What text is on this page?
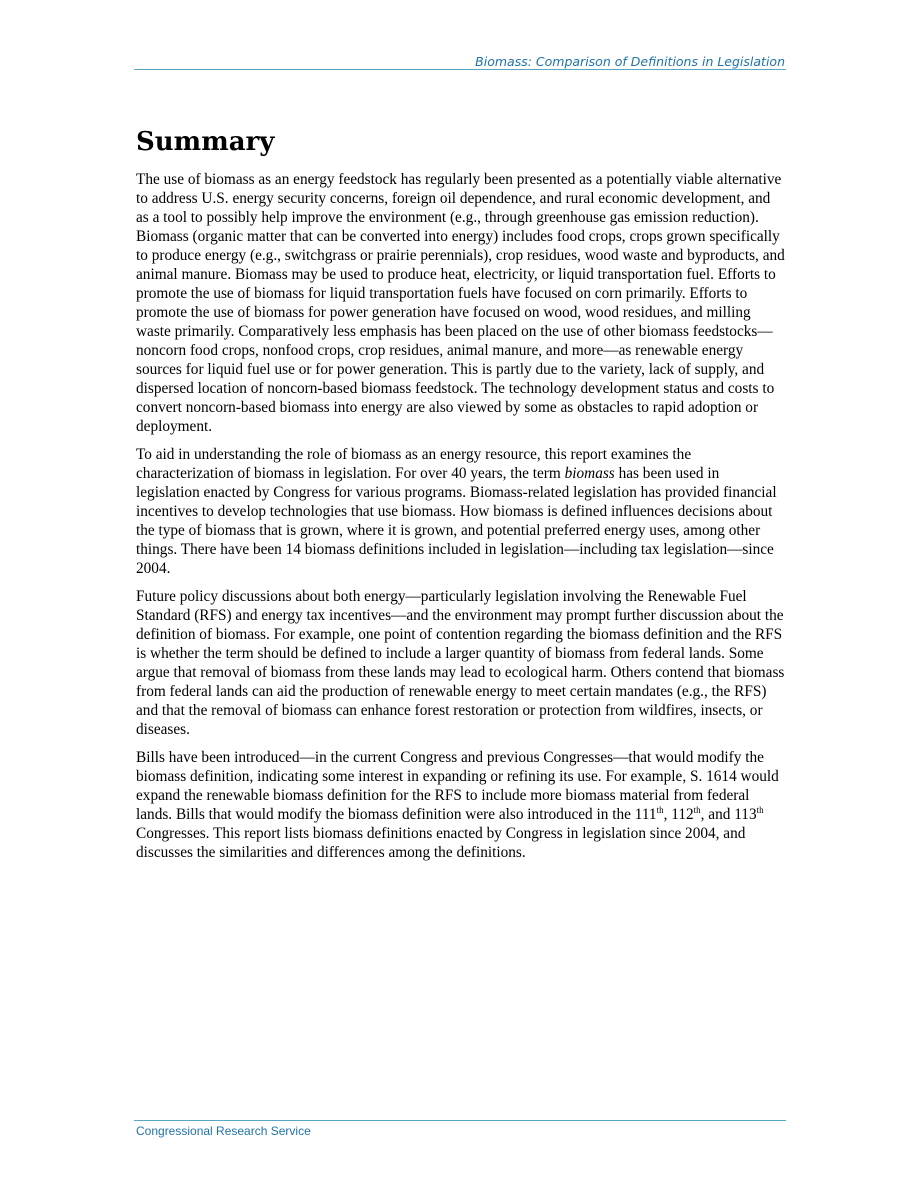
Biomass: Comparison of Definitions in Legislation
Summary

The use of biomass as an energy feedstock has regularly been presented as a potentially viable alternative to address U.S. energy security concerns, foreign oil dependence, and rural economic development, and as a tool to possibly help improve the environment (e.g., through greenhouse gas emission reduction). Biomass (organic matter that can be converted into energy) includes food crops, crops grown specifically to produce energy (e.g., switchgrass or prairie perennials), crop residues, wood waste and byproducts, and animal manure. Biomass may be used to produce heat, electricity, or liquid transportation fuel. Efforts to promote the use of biomass for liquid transportation fuels have focused on corn primarily. Efforts to promote the use of biomass for power generation have focused on wood, wood residues, and milling waste primarily. Comparatively less emphasis has been placed on the use of other biomass feedstocks—noncorn food crops, nonfood crops, crop residues, animal manure, and more—as renewable energy sources for liquid fuel use or for power generation. This is partly due to the variety, lack of supply, and dispersed location of noncorn-based biomass feedstock. The technology development status and costs to convert noncorn-based biomass into energy are also viewed by some as obstacles to rapid adoption or deployment.

To aid in understanding the role of biomass as an energy resource, this report examines the characterization of biomass in legislation. For over 40 years, the term biomass has been used in legislation enacted by Congress for various programs. Biomass-related legislation has provided financial incentives to develop technologies that use biomass. How biomass is defined influences decisions about the type of biomass that is grown, where it is grown, and potential preferred energy uses, among other things. There have been 14 biomass definitions included in legislation—including tax legislation—since 2004.

Future policy discussions about both energy—particularly legislation involving the Renewable Fuel Standard (RFS) and energy tax incentives—and the environment may prompt further discussion about the definition of biomass. For example, one point of contention regarding the biomass definition and the RFS is whether the term should be defined to include a larger quantity of biomass from federal lands. Some argue that removal of biomass from these lands may lead to ecological harm. Others contend that biomass from federal lands can aid the production of renewable energy to meet certain mandates (e.g., the RFS) and that the removal of biomass can enhance forest restoration or protection from wildfires, insects, or diseases.

Bills have been introduced—in the current Congress and previous Congresses—that would modify the biomass definition, indicating some interest in expanding or refining its use. For example, S. 1614 would expand the renewable biomass definition for the RFS to include more biomass material from federal lands. Bills that would modify the biomass definition were also introduced in the 111th, 112th, and 113th Congresses. This report lists biomass definitions enacted by Congress in legislation since 2004, and discusses the similarities and differences among the definitions.

Congressional Research Service
